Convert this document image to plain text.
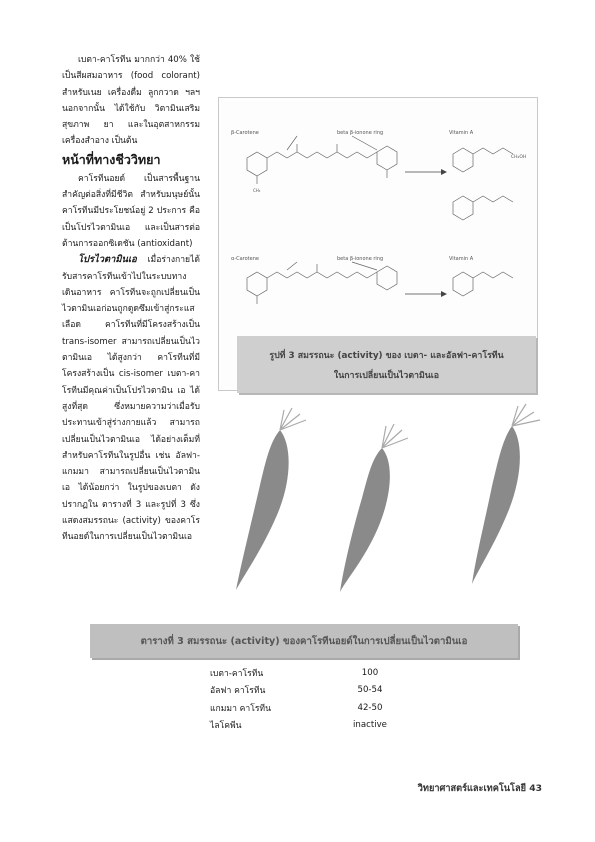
เบตา-คาโรทีน มากกว่า 40% ใช้เป็นสีผสมอาหาร (food colorant) สำหรับเนย เครื่องดื่ม ลูกกวาด ฯลฯ นอกจากนั้น ได้ใช้กับ วิตามินเสริม สุขภาพ ยา และในอุตสาหกรรม เครื่องสำอาง เป็นต้น

หน้าที่ทางชีววิทยา

คาโรทีนอยด์ เป็นสารพื้นฐานสำคัญต่อสิ่งที่มีชีวิต สำหรับมนุษย์นั้น คาโรทีนมีประโยชน์อยู่ 2 ประการ คือ เป็นโปรไวตามินเอ และเป็นสารต่อต้านการออกซิเดชัน (antioxidant)

โปรไวตามินเอ เมื่อร่างกายได้รับสารคาโรทีนเข้าไปในระบบทางเดินอาหาร คาโรทีนจะถูกเปลี่ยนเป็นไวตามินเอก่อนถูกดูดซึมเข้าสู่กระแสเลือด คาโรทีนที่มีโครงสร้างเป็น trans-isomer สามารถเปลี่ยนเป็นไวตามินเอ ได้สูงกว่า คาโรทีนที่มีโครงสร้างเป็น cis-isomer เบตา-คาโรทีนมีคุณค่าเป็นโปรไวตามิน เอ ได้สูงที่สุด ซึ่งหมายความว่าเมื่อรับประทานเข้าสู่ร่างกายแล้ว สามารถเปลี่ยนเป็นไวตามินเอ ได้อย่างเต็มที่ สำหรับคาโรทีนในรูปอื่น เช่น อัลฟา-แกมมา สามารถเปลี่ยนเป็นไวตามินเอ ได้น้อยกว่า ในรูปของเบตา ดังปรากฏใน ตารางที่ 3 และรูปที่ 3 ซึ่ง แสดงสมรรถนะ (activity) ของคาโรทีนอยด์ในการเปลี่ยนเป็นไวตามินเอ

β-Carotene	beta β-ionone ring	Vitamin A
CH₂OH
CH₃
α-Carotene	beta β-ionone ring	Vitamin A
รูปที่ 3 สมรรถนะ (activity) ของ เบตา- และอัลฟา-คาโรทีน
ในการเปลี่ยนเป็นไวตามินเอ
ตารางที่ 3 สมรรถนะ (activity) ของคาโรทีนอยด์ในการเปลี่ยนเป็นไวตามินเอ
เบตา-คาโรทีน	100
อัลฟา คาโรทีน	50-54
แกมมา คาโรทีน	42-50
ไลโคพีน	inactive
วิทยาศาสตร์และเทคโนโลยี 43
